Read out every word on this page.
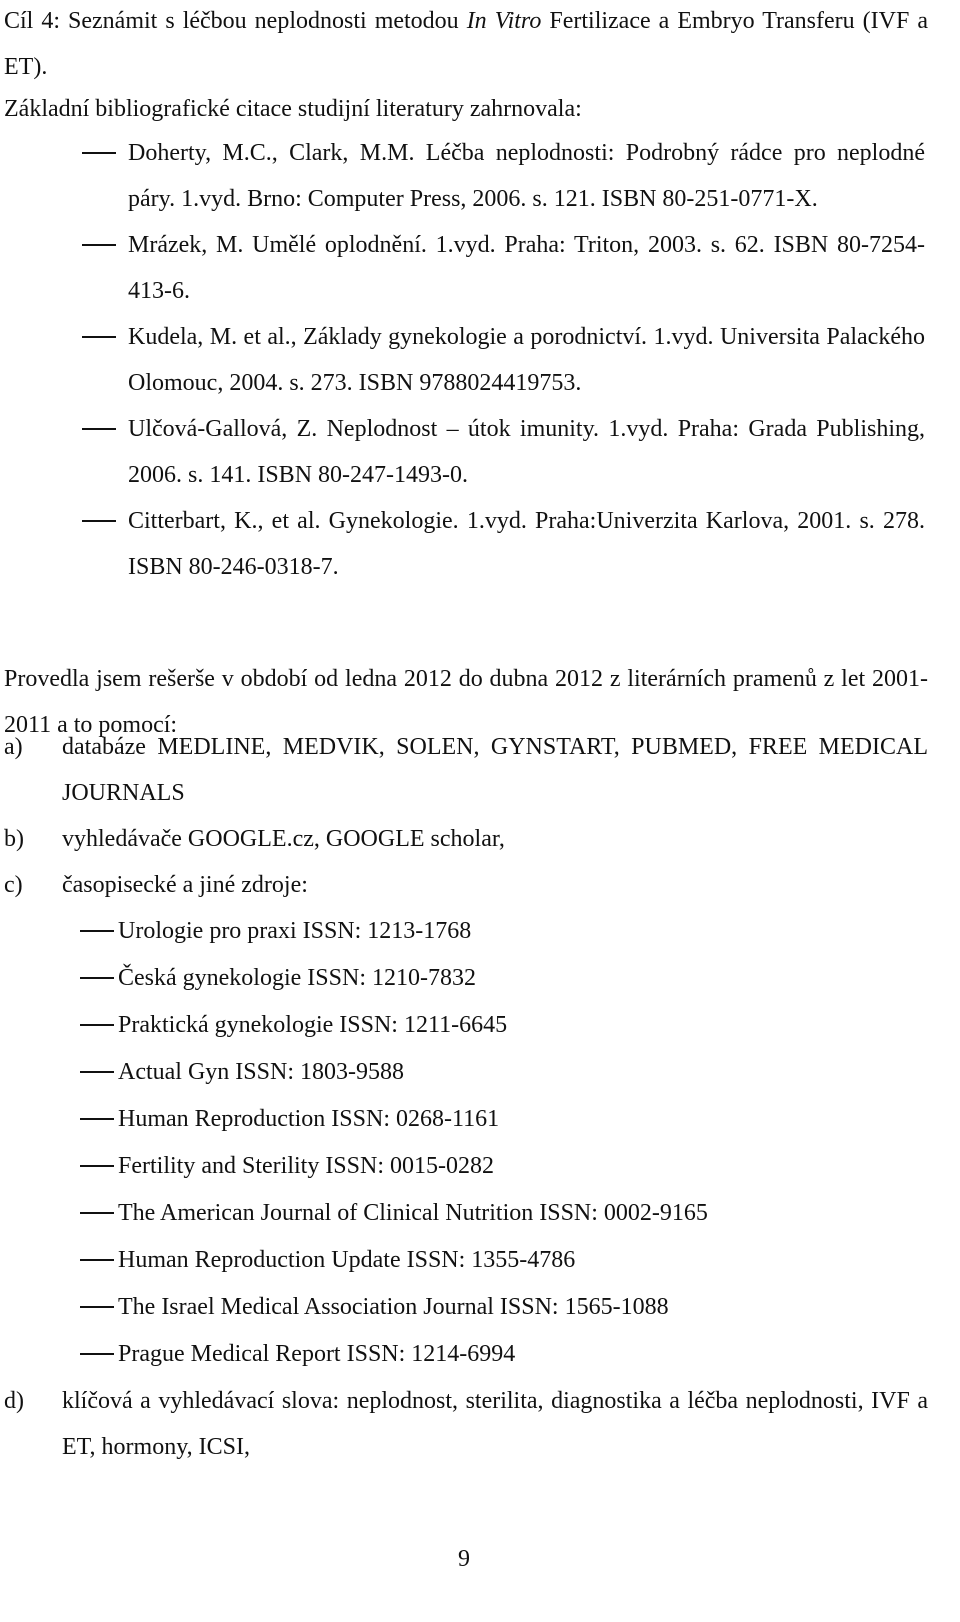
Cíl 4: Seznámit s léčbou neplodnosti metodou In Vitro Fertilizace a Embryo Transferu (IVF a ET).
Základní bibliografické citace studijní literatury zahrnovala:
Doherty, M.C., Clark, M.M. Léčba neplodnosti: Podrobný rádce pro neplodné páry. 1.vyd. Brno: Computer Press, 2006. s. 121. ISBN 80-251-0771-X.
Mrázek, M. Umělé oplodnění. 1.vyd. Praha: Triton, 2003. s. 62. ISBN 80-7254-413-6.
Kudela, M. et al., Základy gynekologie a porodnictví. 1.vyd. Universita Palackého Olomouc, 2004. s. 273. ISBN 9788024419753.
Ulčová-Gallová, Z. Neplodnost – útok imunity. 1.vyd. Praha: Grada Publishing, 2006. s. 141. ISBN 80-247-1493-0.
Citterbart, K., et al. Gynekologie. 1.vyd. Praha:Univerzita Karlova, 2001. s. 278. ISBN 80-246-0318-7.
Provedla jsem rešerše v období od ledna 2012 do dubna 2012 z literárních pramenů z let 2001-2011 a to pomocí:
a) databáze MEDLINE, MEDVIK, SOLEN, GYNSTART, PUBMED, FREE MEDICAL JOURNALS
b) vyhledávače GOOGLE.cz, GOOGLE scholar,
c) časopisecké a jiné zdroje:
Urologie pro praxi ISSN: 1213-1768
Česká gynekologie ISSN: 1210-7832
Praktická gynekologie ISSN: 1211-6645
Actual Gyn ISSN: 1803-9588
Human Reproduction ISSN: 0268-1161
Fertility and Sterility ISSN: 0015-0282
The American Journal of Clinical Nutrition ISSN: 0002-9165
Human Reproduction Update ISSN: 1355-4786
The Israel Medical Association Journal ISSN: 1565-1088
Prague Medical Report ISSN: 1214-6994
d) klíčová a vyhledávací slova: neplodnost, sterilita, diagnostika a léčba neplodnosti, IVF a ET, hormony, ICSI,
9
